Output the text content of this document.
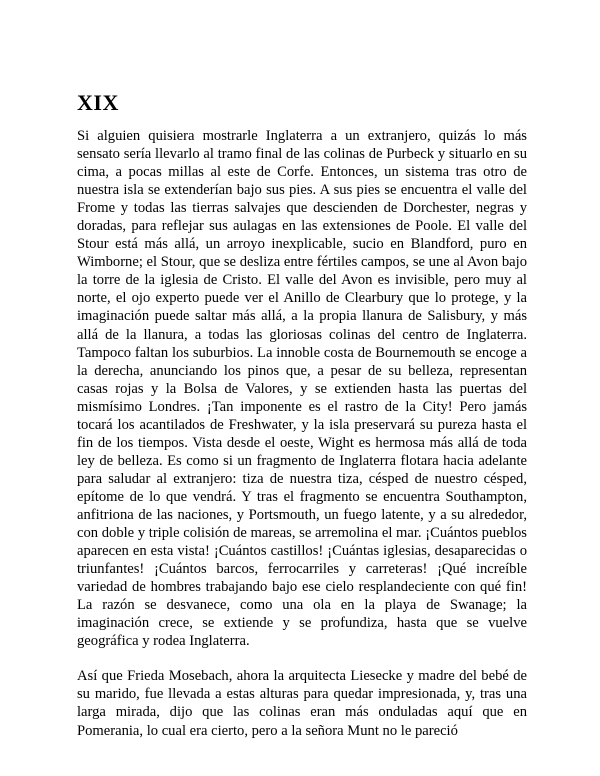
XIX

Si alguien quisiera mostrarle Inglaterra a un extranjero, quizás lo más sensato sería llevarlo al tramo final de las colinas de Purbeck y situarlo en su cima, a pocas millas al este de Corfe. Entonces, un sistema tras otro de nuestra isla se extenderían bajo sus pies. A sus pies se encuentra el valle del Frome y todas las tierras salvajes que descienden de Dorchester, negras y doradas, para reflejar sus aulagas en las extensiones de Poole. El valle del Stour está más allá, un arroyo inexplicable, sucio en Blandford, puro en Wimborne; el Stour, que se desliza entre fértiles campos, se une al Avon bajo la torre de la iglesia de Cristo. El valle del Avon es invisible, pero muy al norte, el ojo experto puede ver el Anillo de Clearbury que lo protege, y la imaginación puede saltar más allá, a la propia llanura de Salisbury, y más allá de la llanura, a todas las gloriosas colinas del centro de Inglaterra. Tampoco faltan los suburbios. La innoble costa de Bournemouth se encoge a la derecha, anunciando los pinos que, a pesar de su belleza, representan casas rojas y la Bolsa de Valores, y se extienden hasta las puertas del mismísimo Londres. ¡Tan imponente es el rastro de la City! Pero jamás tocará los acantilados de Freshwater, y la isla preservará su pureza hasta el fin de los tiempos. Vista desde el oeste, Wight es hermosa más allá de toda ley de belleza. Es como si un fragmento de Inglaterra flotara hacia adelante para saludar al extranjero: tiza de nuestra tiza, césped de nuestro césped, epítome de lo que vendrá. Y tras el fragmento se encuentra Southampton, anfitriona de las naciones, y Portsmouth, un fuego latente, y a su alrededor, con doble y triple colisión de mareas, se arremolina el mar. ¡Cuántos pueblos aparecen en esta vista! ¡Cuántos castillos! ¡Cuántas iglesias, desaparecidas o triunfantes! ¡Cuántos barcos, ferrocarriles y carreteras! ¡Qué increíble variedad de hombres trabajando bajo ese cielo resplandeciente con qué fin! La razón se desvanece, como una ola en la playa de Swanage; la imaginación crece, se extiende y se profundiza, hasta que se vuelve geográfica y rodea Inglaterra.

Así que Frieda Mosebach, ahora la arquitecta Liesecke y madre del bebé de su marido, fue llevada a estas alturas para quedar impresionada, y, tras una larga mirada, dijo que las colinas eran más onduladas aquí que en Pomerania, lo cual era cierto, pero a la señora Munt no le pareció
